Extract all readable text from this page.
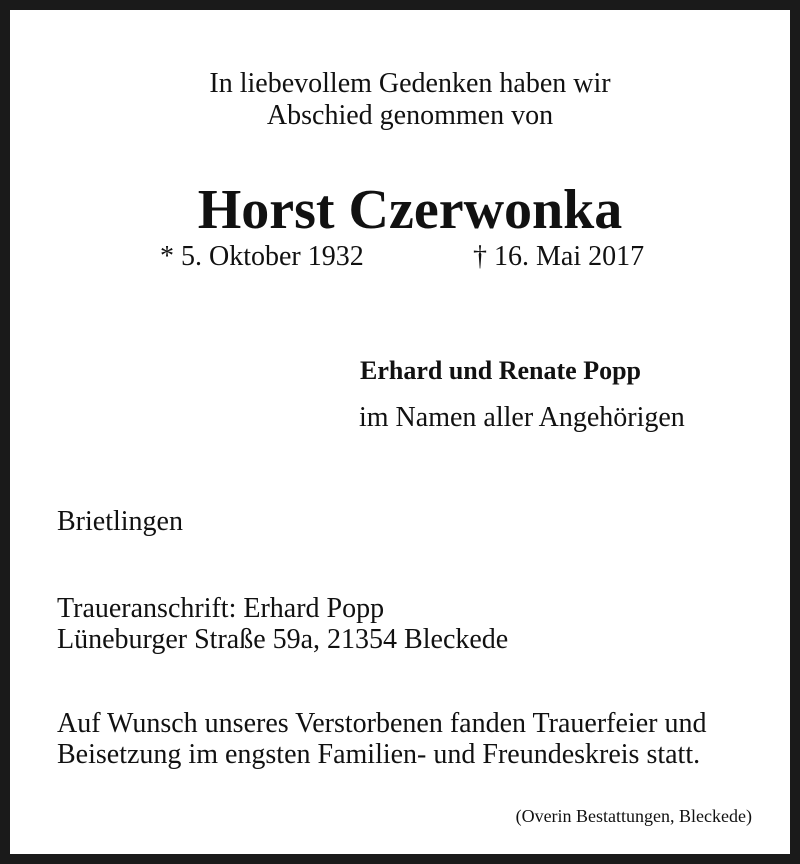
In liebevollem Gedenken haben wir
Abschied genommen von
Horst Czerwonka
* 5. Oktober 1932	† 16. Mai 2017
Erhard und Renate Popp
im Namen aller Angehörigen
Brietlingen
Traueranschrift: Erhard Popp
Lüneburger Straße 59a, 21354 Bleckede
Auf Wunsch unseres Verstorbenen fanden Trauerfeier und
Beisetzung im engsten Familien- und Freundeskreis statt.
(Overin Bestattungen, Bleckede)
